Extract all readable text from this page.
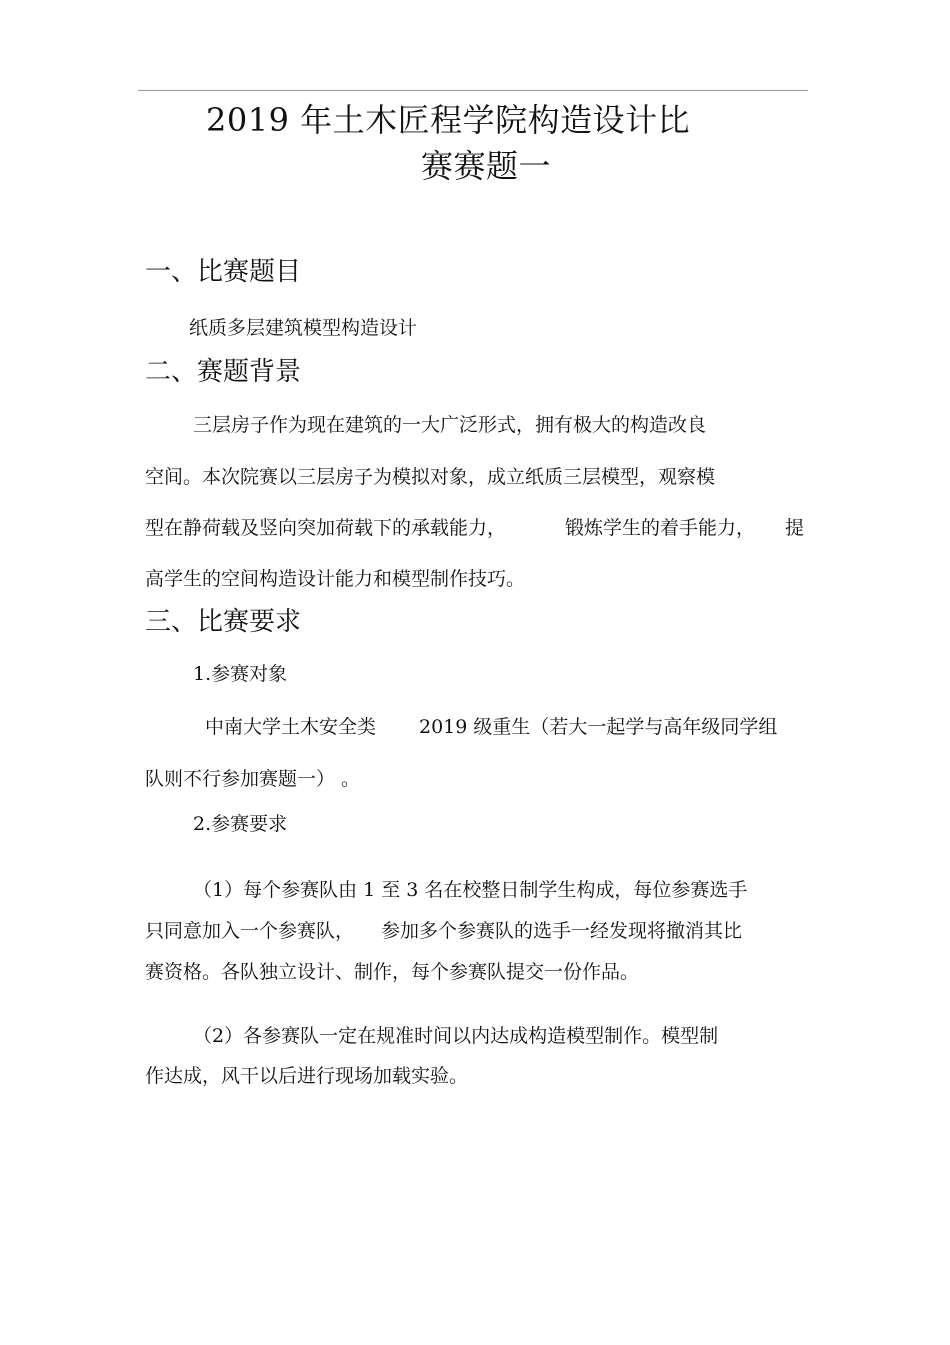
2019 年土木匠程学院构造设计比
赛赛题一
一、比赛题目
纸质多层建筑模型构造设计
二、赛题背景
三层房子作为现在建筑的一大广泛形式，拥有极大的构造改良
空间。本次院赛以三层房子为模拟对象，成立纸质三层模型，观察模
型在静荷载及竖向突加荷载下的承载能力，	锻炼学生的着手能力， 提
高学生的空间构造设计能力和模型制作技巧。
三、比赛要求
1.参赛对象
中南大学土木安全类 2019 级重生（若大一起学与高年级同学组
队则不行参加赛题一） 。
2.参赛要求
（1）每个参赛队由 1 至 3 名在校整日制学生构成，每位参赛选手
只同意加入一个参赛队， 参加多个参赛队的选手一经发现将撤消其比
赛资格。各队独立设计、制作，每个参赛队提交一份作品。
（2）各参赛队一定在规准时间以内达成构造模型制作。模型制
作达成，风干以后进行现场加载实验。
